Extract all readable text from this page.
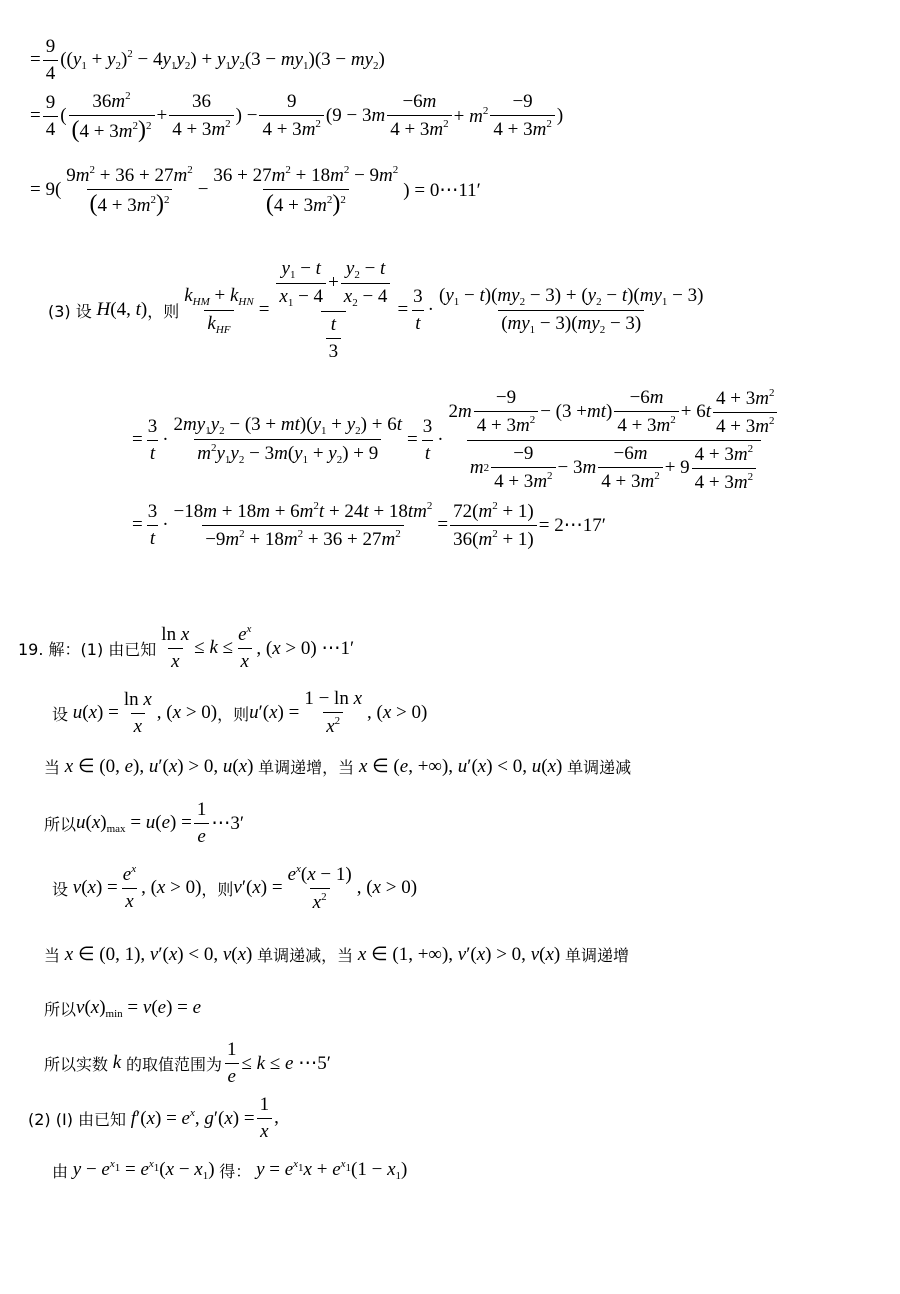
= $\frac{9}{4} ((y_1 + y_2)^2 - 4y_1y_2) + y_1y_2(3 - my_1)(3 - my_2)$
= $\frac{9}{4}$ (
$36m^2$
$(4 + 3m^2)^2 + \frac{36}{4 + 3m^2}$ ) − $\frac{9}{4 + 3m^2} (9 - 3m$
−6m
$4 + 3m^2 + m^2 -9$
$4 + 3m^2$ )
= 9(
$9m^2 + 36 + 27m^2$
$(4 + 3m^2)^2 - \frac{36 + 27m^2 + 18m^2 - 9m^2}{(4 + 3m^2)^2}$ ) = 0⋯11′
(3) 设 H(4, t) ，则
$k_{HM} + k_{HN}$
$k_{HF}$
= $y_1 - t$
$x_1 - 4$
+
$y_2 - t$
$x_2 - 4$
$\frac{t}{3} = \frac{3}{t}$ ·
$(y_1 - t)(my_2 - 3) + (y_2 - t)(my_1 - 3)$
$(my_1 - 3)(my_2 - 3)$
= $\frac{3}{t} \cdot \frac{2my_1y_2 - (3 + mt)(y_1 + y_2) + 6t}{m^2y_1y_2 - 3m(y_1 + y_2) + 9} = \frac{3}{t}$ ·
2 m
−9
$4 + 3m^2 - (3$ + mt )
−6m
$4 + 3m^2 + 6$ t
$4 + 3m^2$
$4 + 3m^2$
m 2
−9
$4 + 3m^2 - 3$ m
−6m
$4 + 3m^2 + 9$
$4 + 3m^2$
$4 + 3m^2$
= $\frac{3}{t} \cdot \frac{-18m + 18m + 6m^2t + 24t + 18tm^2}{-9m^2 + 18m^2 + 36 + 27m^2} = \frac{72(m^2 + 1)}{36(m^2 + 1)}$ = 2⋯17′
19. 解：(1) 由已知 $\frac{\text{ln x}}{x} \le k \le \frac{e^x}{x}$ , (x > 0) ⋯1′
设 $u(x) = \frac{\text{ln x}}{x}$ , (x > 0) ，则 $u'(x) = \frac{\text{1 − ln x}}{x^2}$ , (x > 0)
当 x ∈ (0, e), u′(x) > 0, u(x) 单调递增，当 x ∈ (e, +∞), u′(x) < 0, u(x) 单调递减
所以 $u(x)_{max} = u(e) = \frac{1}{e}$ ⋯3′
设 $v(x) = \frac{e^x}{x}$ , (x > 0) ，则 $v'(x) = \frac{e^x(x - 1)}{x^2}$ , (x > 0)
当 x ∈ (0, 1), v′(x) < 0, v(x) 单调递减，当 x ∈ (1, +∞), v′(x) > 0, v(x) 单调递增
所以 $v(x)_{min} = v(e) = e$
所以实数 k 的取值范围为 $\frac{1}{e} \le k \le e$ ⋯5′
(2) (Ⅰ) 由已知 $f'(x) = e^x$, $g'(x) = \frac{1}{x}$ ,
由 $y - e^{x_1} = e^{x_1}(x - x_1)$ 得： $y = e^{x_1}x + e^{x_1}(1 - x_1)$
